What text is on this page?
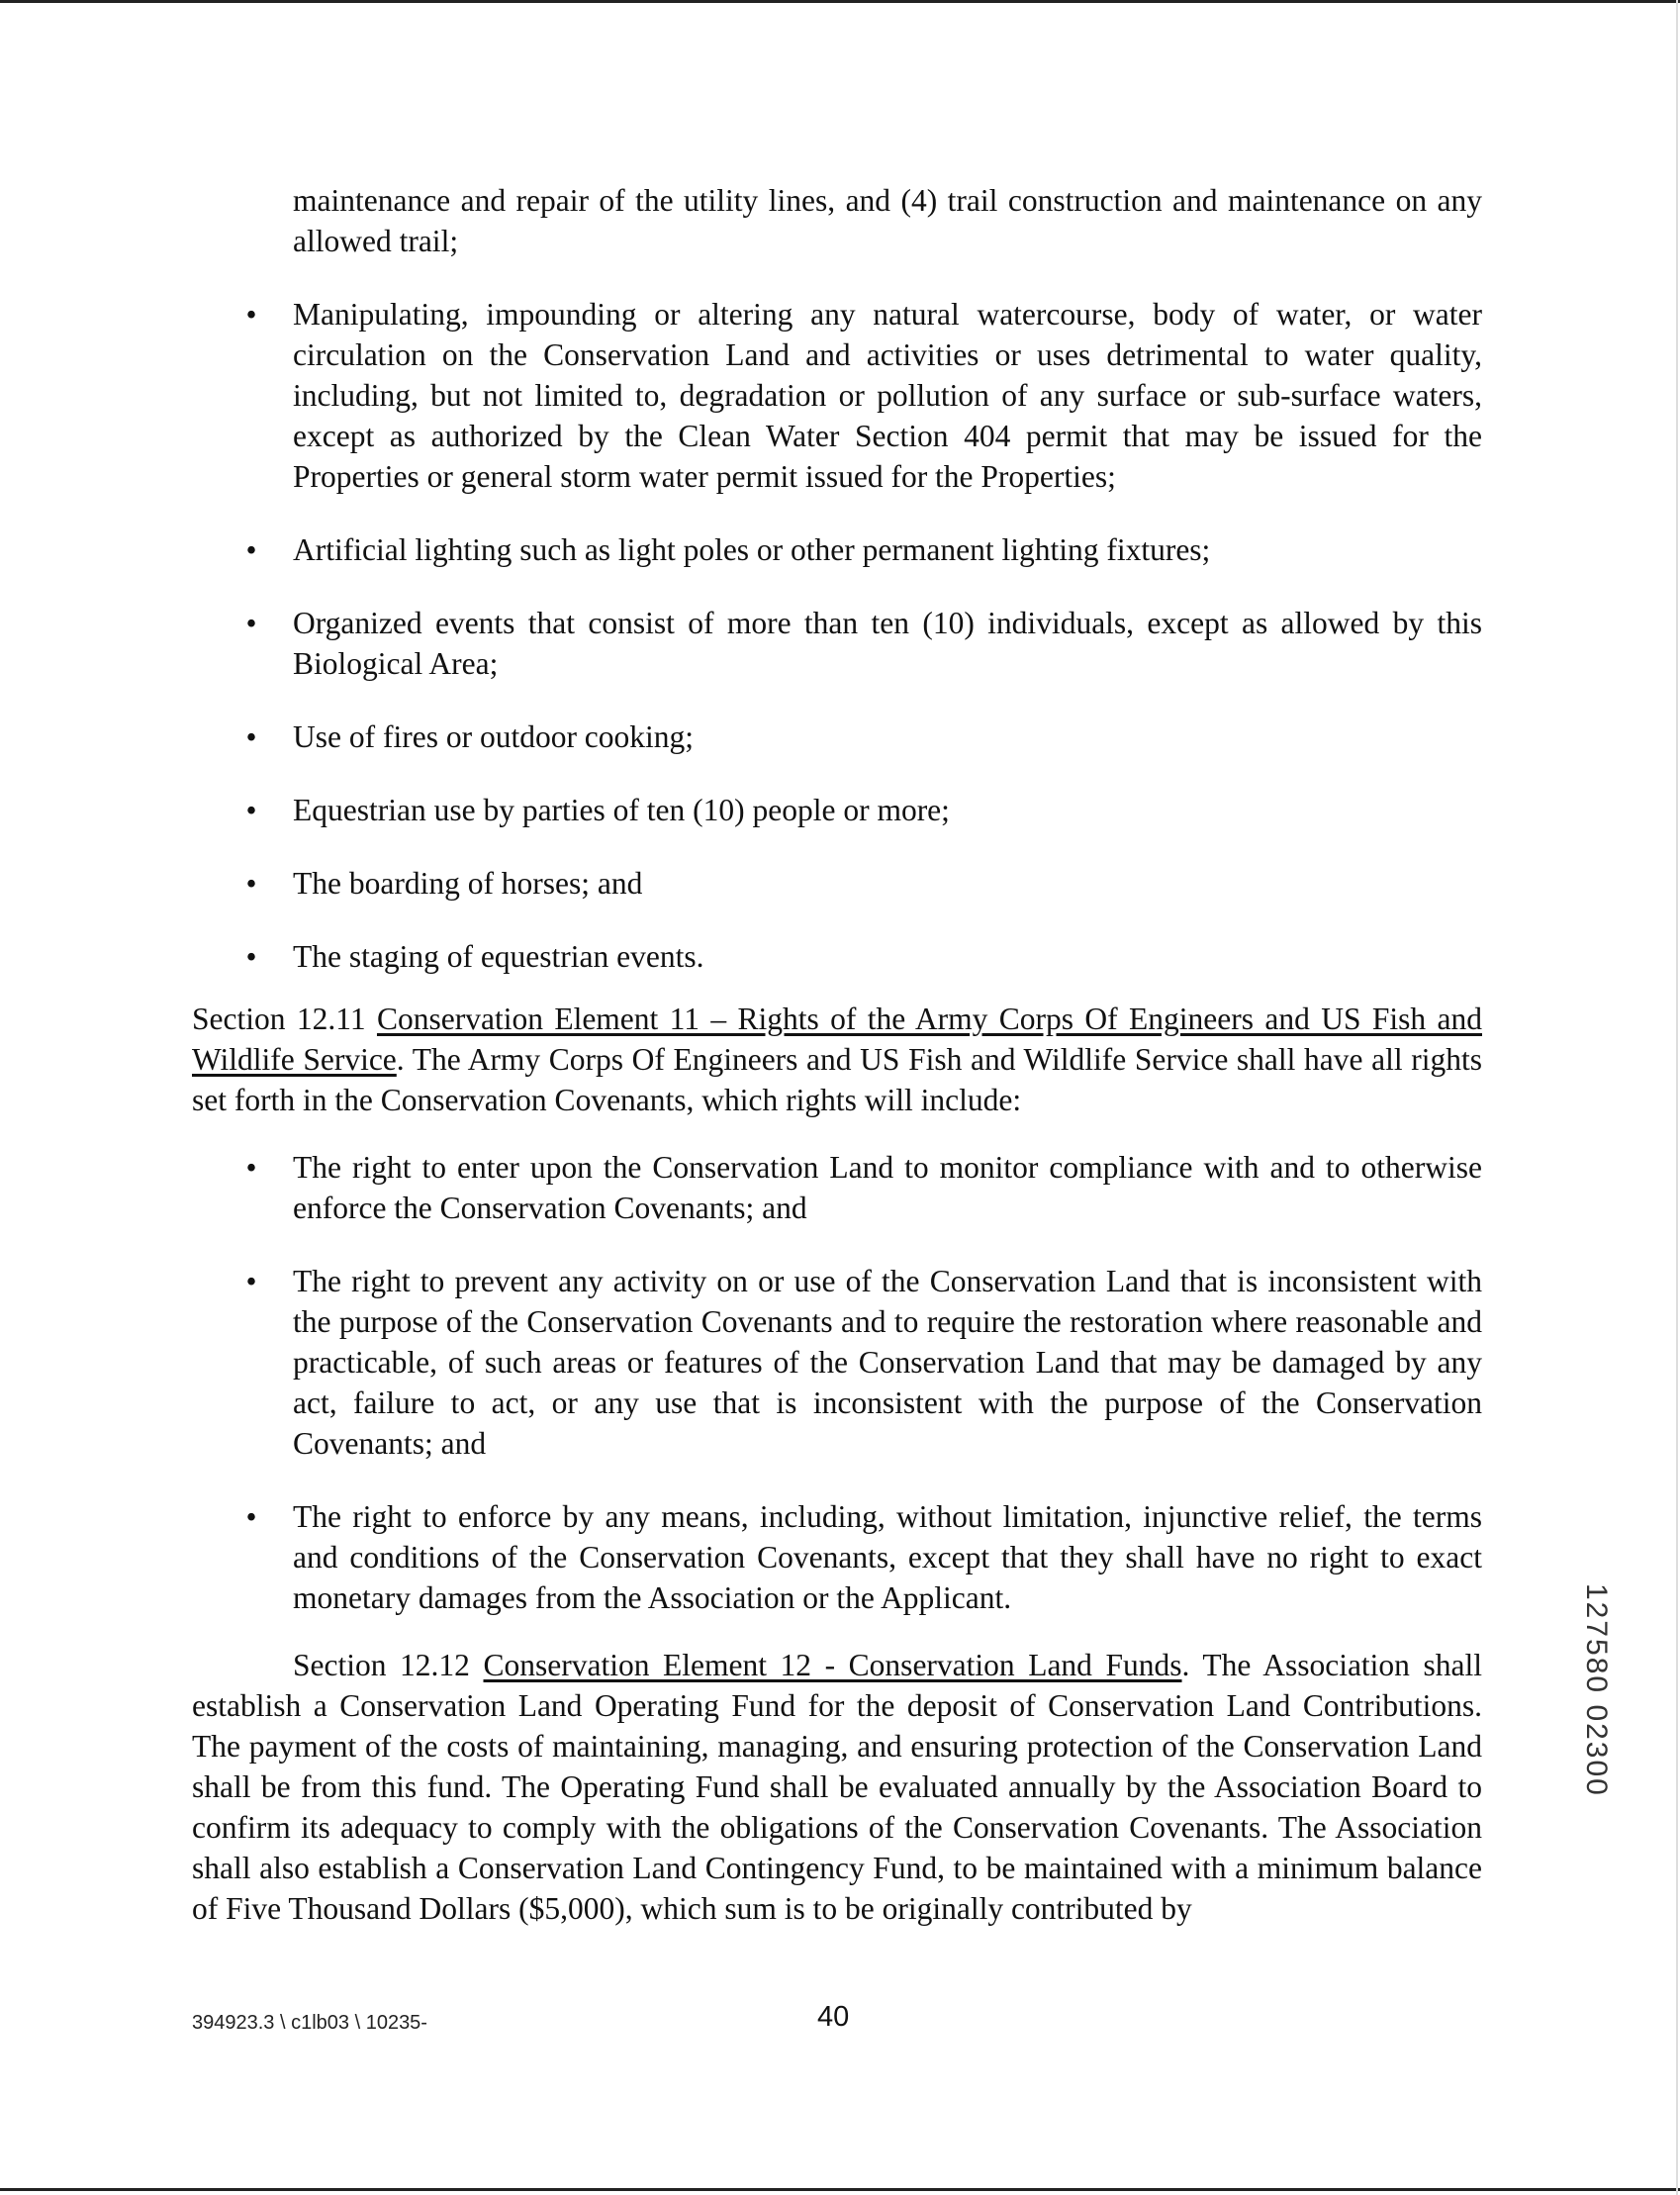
maintenance and repair of the utility lines, and (4) trail construction and maintenance on any allowed trail;

• Manipulating, impounding or altering any natural watercourse, body of water, or water circulation on the Conservation Land and activities or uses detrimental to water quality, including, but not limited to, degradation or pollution of any surface or sub-surface waters, except as authorized by the Clean Water Section 404 permit that may be issued for the Properties or general storm water permit issued for the Properties;
• Artificial lighting such as light poles or other permanent lighting fixtures;
• Organized events that consist of more than ten (10) individuals, except as allowed by this Biological Area;
• Use of fires or outdoor cooking;
• Equestrian use by parties of ten (10) people or more;
• The boarding of horses; and
• The staging of equestrian events.

Section 12.11 Conservation Element 11 – Rights of the Army Corps Of Engineers and US Fish and Wildlife Service. The Army Corps Of Engineers and US Fish and Wildlife Service shall have all rights set forth in the Conservation Covenants, which rights will include:

• The right to enter upon the Conservation Land to monitor compliance with and to otherwise enforce the Conservation Covenants; and
• The right to prevent any activity on or use of the Conservation Land that is inconsistent with the purpose of the Conservation Covenants and to require the restoration where reasonable and practicable, of such areas or features of the Conservation Land that may be damaged by any act, failure to act, or any use that is inconsistent with the purpose of the Conservation Covenants; and
• The right to enforce by any means, including, without limitation, injunctive relief, the terms and conditions of the Conservation Covenants, except that they shall have no right to exact monetary damages from the Association or the Applicant.

Section 12.12 Conservation Element 12 - Conservation Land Funds. The Association shall establish a Conservation Land Operating Fund for the deposit of Conservation Land Contributions. The payment of the costs of maintaining, managing, and ensuring protection of the Conservation Land shall be from this fund. The Operating Fund shall be evaluated annually by the Association Board to confirm its adequacy to comply with the obligations of the Conservation Covenants. The Association shall also establish a Conservation Land Contingency Fund, to be maintained with a minimum balance of Five Thousand Dollars ($5,000), which sum is to be originally contributed by

394923.3 \ c1lb03 \ 10235-	40
127580 02300
